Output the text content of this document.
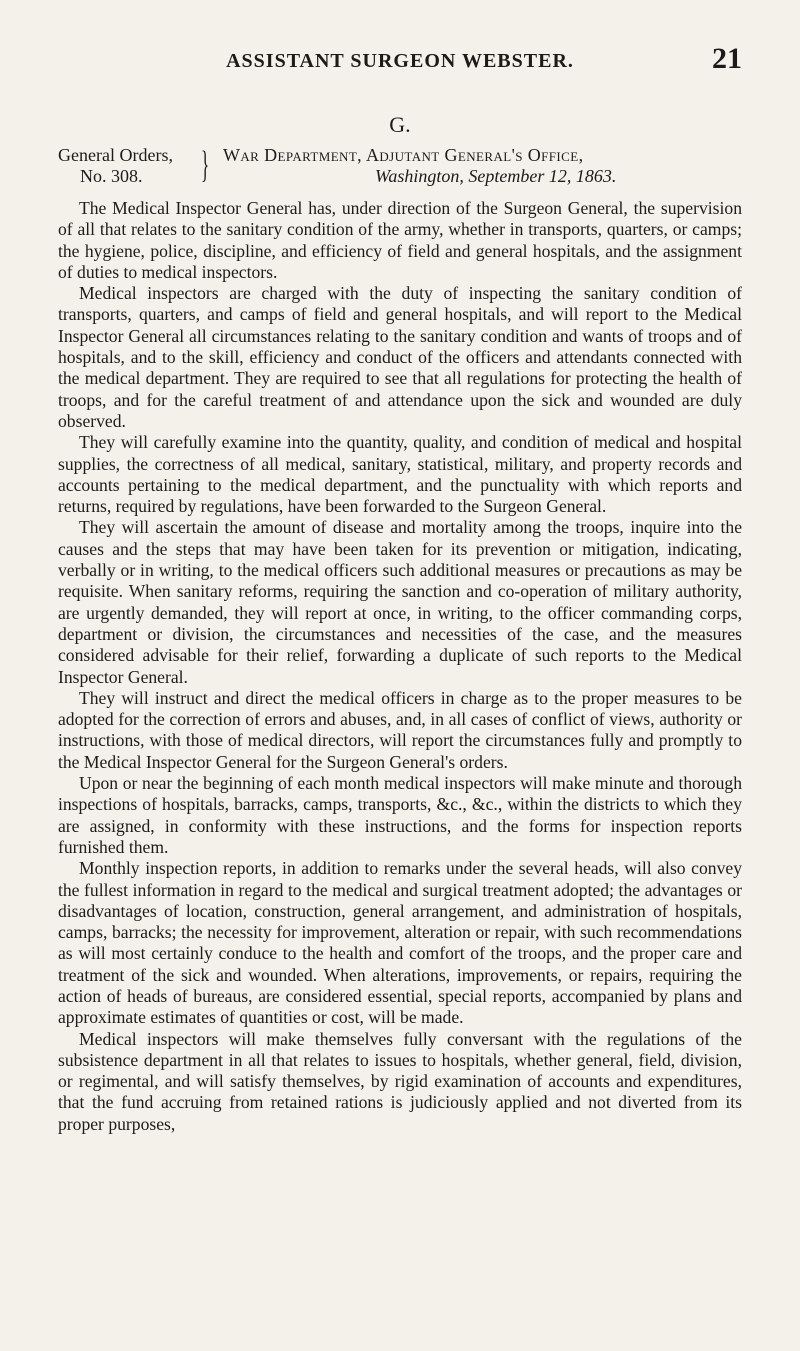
ASSISTANT SURGEON WEBSTER.	21
G.
General Orders,
No. 308.	} War Department, Adjutant General's Office,
Washington, September 12, 1863.

The Medical Inspector General has, under direction of the Surgeon General, the supervision of all that relates to the sanitary condition of the army, whether in transports, quarters, or camps; the hygiene, police, discipline, and efficiency of field and general hospitals, and the assignment of duties to medical inspectors.

Medical inspectors are charged with the duty of inspecting the sanitary condition of transports, quarters, and camps of field and general hospitals, and will report to the Medical Inspector General all circumstances relating to the sanitary condition and wants of troops and of hospitals, and to the skill, efficiency and conduct of the officers and attendants connected with the medical department. They are required to see that all regulations for protecting the health of troops, and for the careful treatment of and attendance upon the sick and wounded are duly observed.

They will carefully examine into the quantity, quality, and condition of medical and hospital supplies, the correctness of all medical, sanitary, statistical, military, and property records and accounts pertaining to the medical department, and the punctuality with which reports and returns, required by regulations, have been forwarded to the Surgeon General.

They will ascertain the amount of disease and mortality among the troops, inquire into the causes and the steps that may have been taken for its prevention or mitigation, indicating, verbally or in writing, to the medical officers such additional measures or precautions as may be requisite. When sanitary reforms, requiring the sanction and co-operation of military authority, are urgently demanded, they will report at once, in writing, to the officer commanding corps, department or division, the circumstances and necessities of the case, and the measures considered advisable for their relief, forwarding a duplicate of such reports to the Medical Inspector General.

They will instruct and direct the medical officers in charge as to the proper measures to be adopted for the correction of errors and abuses, and, in all cases of conflict of views, authority or instructions, with those of medical directors, will report the circumstances fully and promptly to the Medical Inspector General for the Surgeon General's orders.

Upon or near the beginning of each month medical inspectors will make minute and thorough inspections of hospitals, barracks, camps, transports, &c., &c., within the districts to which they are assigned, in conformity with these instructions, and the forms for inspection reports furnished them.

Monthly inspection reports, in addition to remarks under the several heads, will also convey the fullest information in regard to the medical and surgical treatment adopted; the advantages or disadvantages of location, construction, general arrangement, and administration of hospitals, camps, barracks; the necessity for improvement, alteration or repair, with such recommendations as will most certainly conduce to the health and comfort of the troops, and the proper care and treatment of the sick and wounded. When alterations, improvements, or repairs, requiring the action of heads of bureaus, are considered essential, special reports, accompanied by plans and approximate estimates of quantities or cost, will be made.

Medical inspectors will make themselves fully conversant with the regulations of the subsistence department in all that relates to issues to hospitals, whether general, field, division, or regimental, and will satisfy themselves, by rigid examination of accounts and expenditures, that the fund accruing from retained rations is judiciously applied and not diverted from its proper purposes,
